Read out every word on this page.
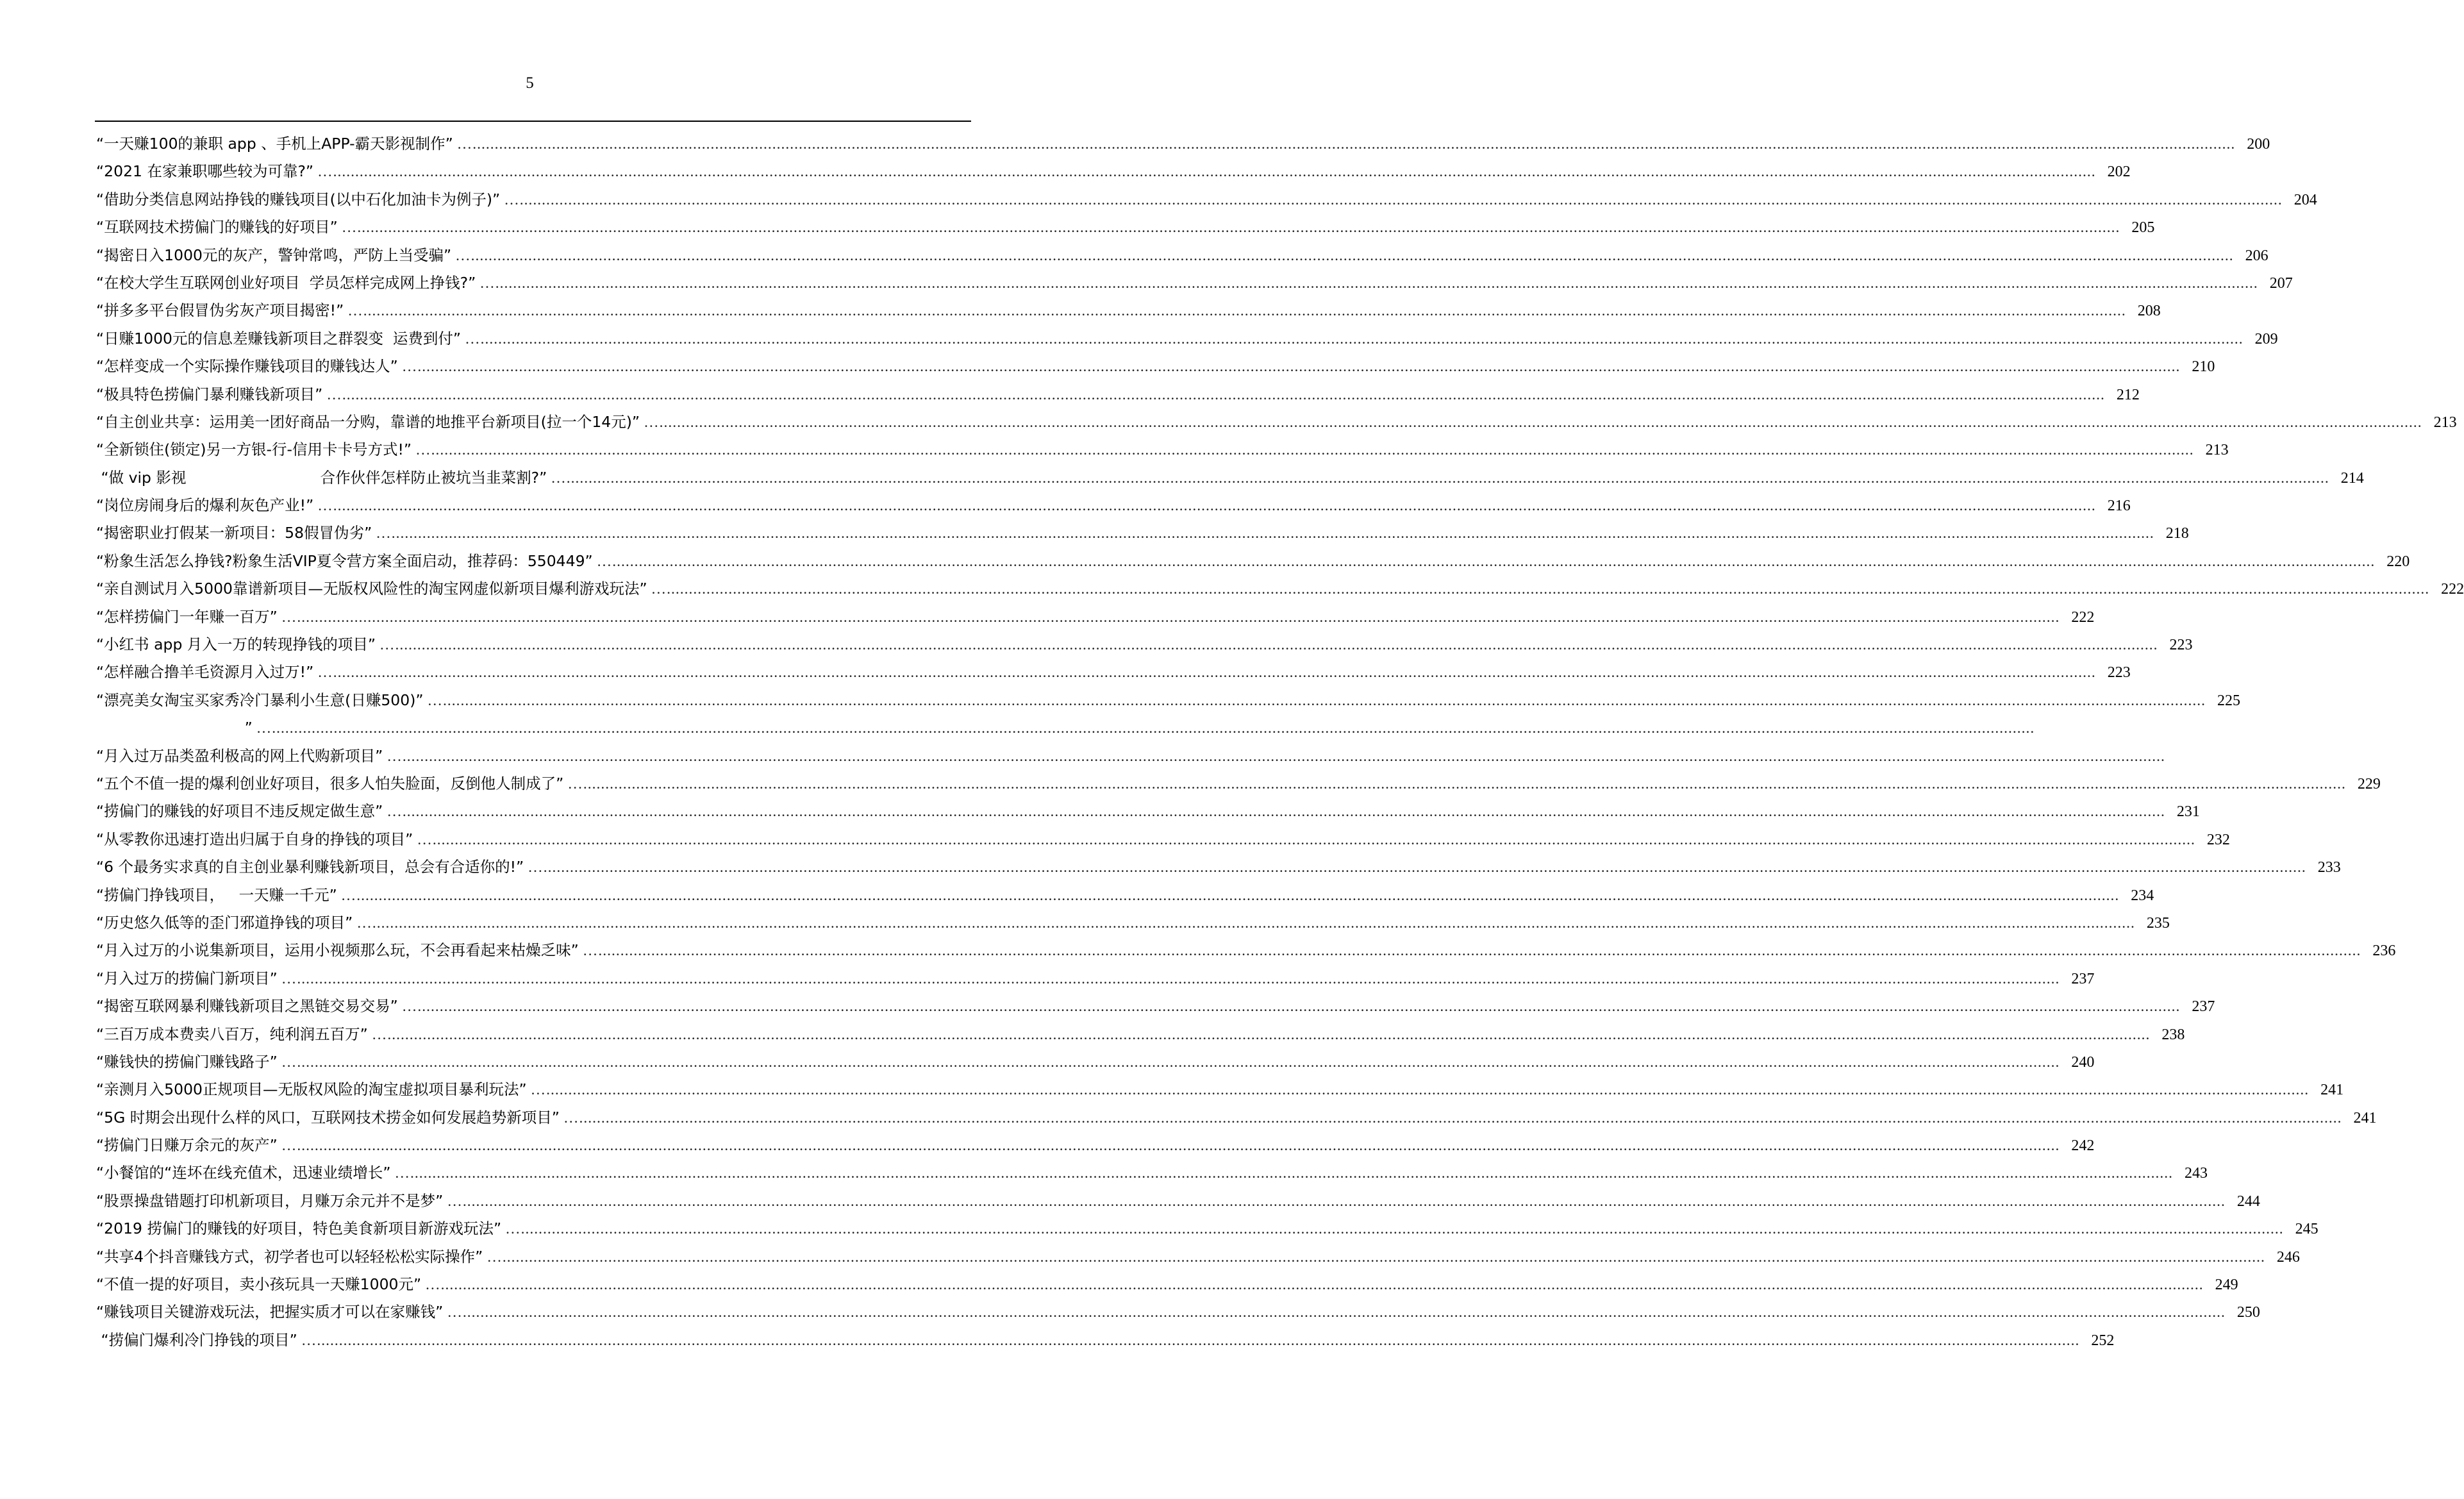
5
“一天赚100的兼职 app 、手机上APP-霸天影视制作” …................................................................................................................................................................................................................................................................................................................................................................................................................ 200
“2021 在家兼职哪些较为可靠?” …................................................................................................................................................................................................................................................................................................................................................................................................................ 202
“借助分类信息网站挣钱的赚钱项目(以中石化加油卡为例子)” …................................................................................................................................................................................................................................................................................................................................................................................................................ 204
“互联网技术捞偏门的赚钱的好项目” …................................................................................................................................................................................................................................................................................................................................................................................................................ 205
“揭密日入1000元的灰产，警钟常鸣，严防上当受骗” …................................................................................................................................................................................................................................................................................................................................................................................................................ 206
“在校大学生互联网创业好项目  学员怎样完成网上挣钱?” …................................................................................................................................................................................................................................................................................................................................................................................................................ 207
“拼多多平台假冒伪劣灰产项目揭密!” …................................................................................................................................................................................................................................................................................................................................................................................................................ 208
“日赚1000元的信息差赚钱新项目之群裂变  运费到付” …................................................................................................................................................................................................................................................................................................................................................................................................................ 209
“怎样变成一个实际操作赚钱项目的赚钱达人” …................................................................................................................................................................................................................................................................................................................................................................................................................ 210
“极具特色捞偏门暴利赚钱新项目” …................................................................................................................................................................................................................................................................................................................................................................................................................ 212
“自主创业共享：运用美一团好商品一分购，靠谱的地推平台新项目(拉一个14元)” …................................................................................................................................................................................................................................................................................................................................................................................................................ 213
“全新锁住(锁定)另一方银-行-信用卡卡号方式!” …................................................................................................................................................................................................................................................................................................................................................................................................................ 213
“做 vip 影视                            合作伙伴怎样防止被坑当韭菜割?” …................................................................................................................................................................................................................................................................................................................................................................................................................ 214
“岗位房闹身后的爆利灰色产业!” …................................................................................................................................................................................................................................................................................................................................................................................................................ 216
“揭密职业打假某一新项目：58假冒伪劣” …................................................................................................................................................................................................................................................................................................................................................................................................................ 218
“粉象生活怎么挣钱?粉象生活VIP夏令营方案全面启动，推荐码：550449” …................................................................................................................................................................................................................................................................................................................................................................................................................ 220
“亲自测试月入5000靠谱新项目—无版权风险性的淘宝网虚似新项目爆利游戏玩法” …................................................................................................................................................................................................................................................................................................................................................................................................................ 222
“怎样捞偏门一年赚一百万” …................................................................................................................................................................................................................................................................................................................................................................................................................ 222
“小红书 app 月入一万的转现挣钱的项目” …................................................................................................................................................................................................................................................................................................................................................................................................................ 223
“怎样融合撸羊毛资源月入过万!” …................................................................................................................................................................................................................................................................................................................................................................................................................ 223
“漂亮美女淘宝买家秀冷门暴利小生意(日赚500)” …................................................................................................................................................................................................................................................................................................................................................................................................................ 225
” …................................................................................................................................................................................................................................................................................................................................................................................................................
“月入过万品类盈利极高的网上代购新项目” …................................................................................................................................................................................................................................................................................................................................................................................................................
“五个不值一提的爆利创业好项目，很多人怕失脸面，反倒他人制成了” …................................................................................................................................................................................................................................................................................................................................................................................................................ 229
“捞偏门的赚钱的好项目不违反规定做生意” …................................................................................................................................................................................................................................................................................................................................................................................................................ 231
“从零教你迅速打造出归属于自身的挣钱的项目” …................................................................................................................................................................................................................................................................................................................................................................................................................ 232
“6 个最务实求真的自主创业暴利赚钱新项目，总会有合适你的!” …................................................................................................................................................................................................................................................................................................................................................................................................................ 233
“捞偏门挣钱项目，   一天赚一千元” …................................................................................................................................................................................................................................................................................................................................................................................................................ 234
“历史悠久低等的歪门邪道挣钱的项目” …................................................................................................................................................................................................................................................................................................................................................................................................................ 235
“月入过万的小说集新项目，运用小视频那么玩，不会再看起来枯燥乏味” …................................................................................................................................................................................................................................................................................................................................................................................................................ 236
“月入过万的捞偏门新项目” …................................................................................................................................................................................................................................................................................................................................................................................................................ 237
“揭密互联网暴利赚钱新项目之黑链交易交易” …................................................................................................................................................................................................................................................................................................................................................................................................................ 237
“三百万成本费卖八百万，纯利润五百万” …................................................................................................................................................................................................................................................................................................................................................................................................................ 238
“赚钱快的捞偏门赚钱路子” …................................................................................................................................................................................................................................................................................................................................................................................................................ 240
“亲测月入5000正规项目—无版权风险的淘宝虚拟项目暴利玩法” …................................................................................................................................................................................................................................................................................................................................................................................................................ 241
“5G 时期会出现什么样的风口，互联网技术捞金如何发展趋势新项目” …................................................................................................................................................................................................................................................................................................................................................................................................................ 241
“捞偏门日赚万余元的灰产” …................................................................................................................................................................................................................................................................................................................................................................................................................ 242
“小餐馆的“连坏在线充值术，迅速业绩增长” …................................................................................................................................................................................................................................................................................................................................................................................................................ 243
“股票操盘错题打印机新项目，月赚万余元并不是梦” …................................................................................................................................................................................................................................................................................................................................................................................................................ 244
“2019 捞偏门的赚钱的好项目，特色美食新项目新游戏玩法” …................................................................................................................................................................................................................................................................................................................................................................................................................ 245
“共享4个抖音赚钱方式，初学者也可以轻轻松松实际操作” …................................................................................................................................................................................................................................................................................................................................................................................................................ 246
“不值一提的好项目，卖小孩玩具一天赚1000元” …................................................................................................................................................................................................................................................................................................................................................................................................................ 249
“赚钱项目关键游戏玩法，把握实质才可以在家赚钱” …................................................................................................................................................................................................................................................................................................................................................................................................................ 250
“捞偏门爆利冷门挣钱的项目” …................................................................................................................................................................................................................................................................................................................................................................................................................ 252
